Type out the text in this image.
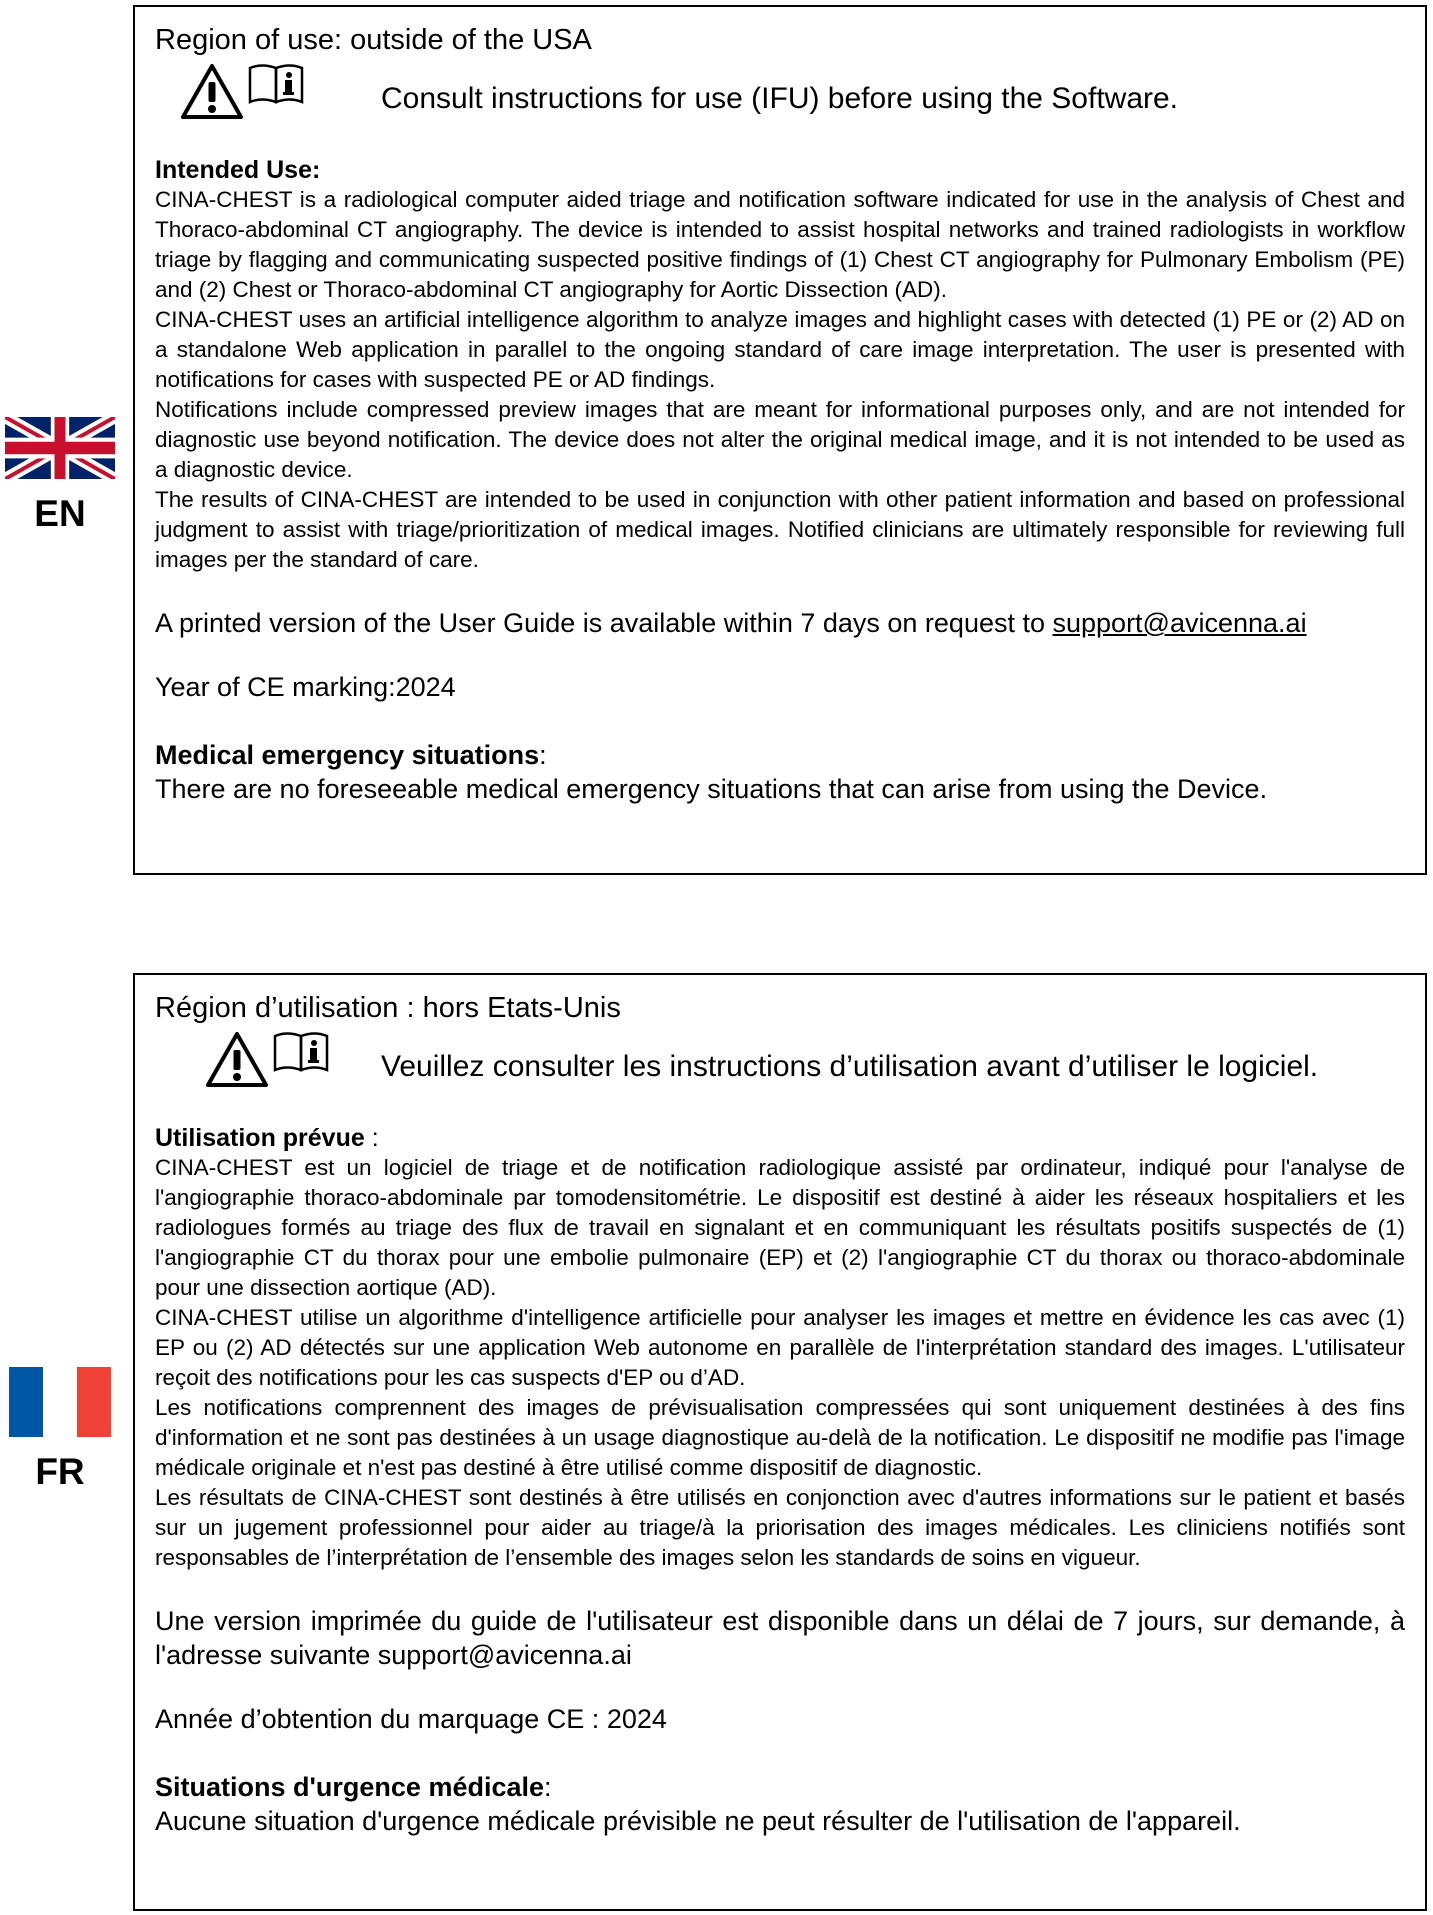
EN

Region of use: outside of the USA

Consult instructions for use (IFU) before using the Software.
Intended Use:

CINA-CHEST is a radiological computer aided triage and notification software indicated for use in the analysis of Chest and Thoraco-abdominal CT angiography. The device is intended to assist hospital networks and trained radiologists in workflow triage by flagging and communicating suspected positive findings of (1) Chest CT angiography for Pulmonary Embolism (PE) and (2) Chest or Thoraco-abdominal CT angiography for Aortic Dissection (AD).

CINA-CHEST uses an artificial intelligence algorithm to analyze images and highlight cases with detected (1) PE or (2) AD on a standalone Web application in parallel to the ongoing standard of care image interpretation. The user is presented with notifications for cases with suspected PE or AD findings.

Notifications include compressed preview images that are meant for informational purposes only, and are not intended for diagnostic use beyond notification. The device does not alter the original medical image, and it is not intended to be used as a diagnostic device.

The results of CINA-CHEST are intended to be used in conjunction with other patient information and based on professional judgment to assist with triage/prioritization of medical images. Notified clinicians are ultimately responsible for reviewing full images per the standard of care.

A printed version of the User Guide is available within 7 days on request to support@avicenna.ai

Year of CE marking:2024

Medical emergency situations:

There are no foreseeable medical emergency situations that can arise from using the Device.

FR

Région d’utilisation : hors Etats-Unis

Veuillez consulter les instructions d’utilisation avant d’utiliser le logiciel.
Utilisation prévue :

CINA-CHEST est un logiciel de triage et de notification radiologique assisté par ordinateur, indiqué pour l'analyse de l'angiographie thoraco-abdominale par tomodensitométrie. Le dispositif est destiné à aider les réseaux hospitaliers et les radiologues formés au triage des flux de travail en signalant et en communiquant les résultats positifs suspectés de (1) l'angiographie CT du thorax pour une embolie pulmonaire (EP) et (2) l'angiographie CT du thorax ou thoraco-abdominale pour une dissection aortique (AD).

CINA-CHEST utilise un algorithme d'intelligence artificielle pour analyser les images et mettre en évidence les cas avec (1) EP ou (2) AD détectés sur une application Web autonome en parallèle de l'interprétation standard des images. L'utilisateur reçoit des notifications pour les cas suspects d'EP ou d’AD.

Les notifications comprennent des images de prévisualisation compressées qui sont uniquement destinées à des fins d'information et ne sont pas destinées à un usage diagnostique au-delà de la notification. Le dispositif ne modifie pas l'image médicale originale et n'est pas destiné à être utilisé comme dispositif de diagnostic.

Les résultats de CINA-CHEST sont destinés à être utilisés en conjonction avec d'autres informations sur le patient et basés sur un jugement professionnel pour aider au triage/à la priorisation des images médicales. Les cliniciens notifiés sont responsables de l’interprétation de l’ensemble des images selon les standards de soins en vigueur.

Une version imprimée du guide de l'utilisateur est disponible dans un délai de 7 jours, sur demande, à l'adresse suivante support@avicenna.ai

Année d’obtention du marquage CE : 2024

Situations d'urgence médicale:

Aucune situation d'urgence médicale prévisible ne peut résulter de l'utilisation de l'appareil.
